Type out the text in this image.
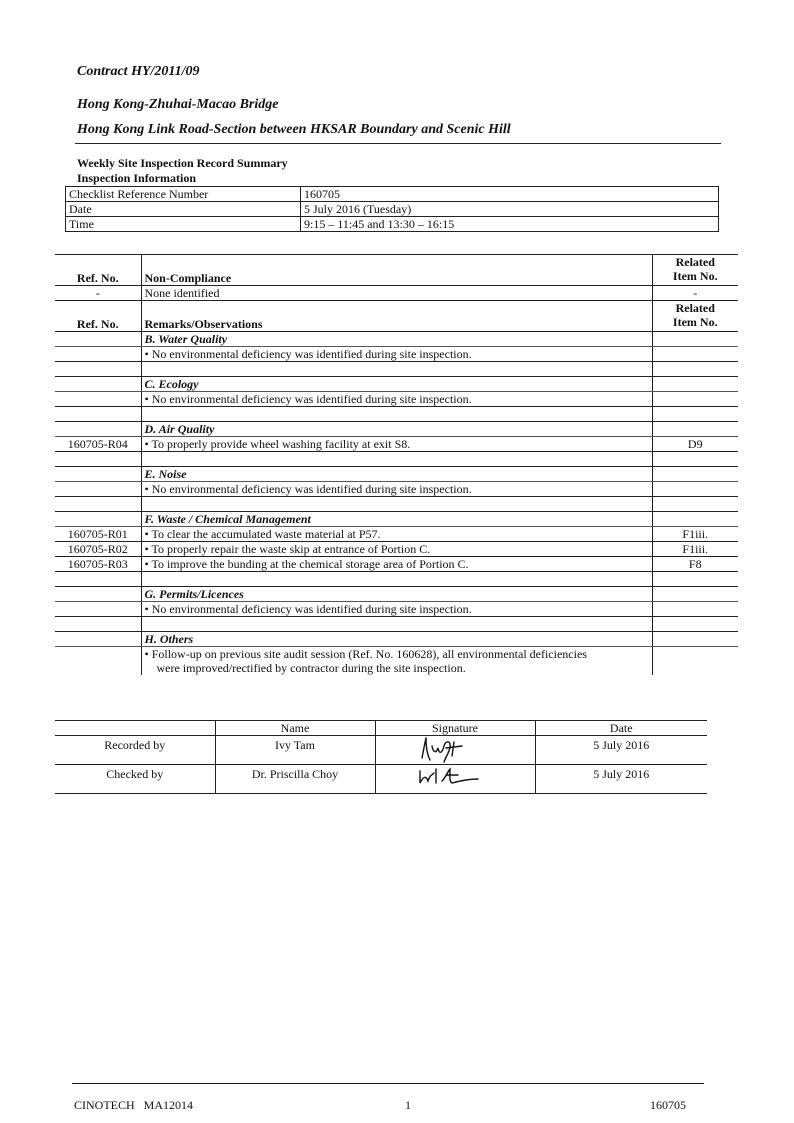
Contract HY/2011/09
Hong Kong-Zhuhai-Macao Bridge
Hong Kong Link Road-Section between HKSAR Boundary and Scenic Hill
Weekly Site Inspection Record Summary
Inspection Information
Checklist Reference Number	160705
Date	5 July 2016 (Tuesday)
Time	9:15 – 11:45 and 13:30 – 16:15
Ref. No.	Non-Compliance	Related
Item No.

-	None identified	-
Ref. No.	Remarks/Observations	Related
Item No.

	B. Water Quality	
	• No environmental deficiency was identified during site inspection.	

	C. Ecology	
	• No environmental deficiency was identified during site inspection.	

	D. Air Quality	
160705-R04	• To properly provide wheel washing facility at exit S8.	D9

	E. Noise	
	• No environmental deficiency was identified during site inspection.	

	F. Waste / Chemical Management	
160705-R01	• To clear the accumulated waste material at P57.	F1iii.
160705-R02	• To properly repair the waste skip at entrance of Portion C.	F1iii.
160705-R03	• To improve the bunding at the chemical storage area of Portion C.	F8

	G. Permits/Licences	
	• No environmental deficiency was identified during site inspection.	

	H. Others	

	• Follow-up on previous site audit session (Ref. No. 160628), all environmental deficiencies
were improved/rectified by contractor during the site inspection.	

	Name	Signature	Date
Recorded by	Ivy Tam		5 July 2016
Checked by	Dr. Priscilla Choy		5 July 2016
CINOTECH   MA12014	1	160705
